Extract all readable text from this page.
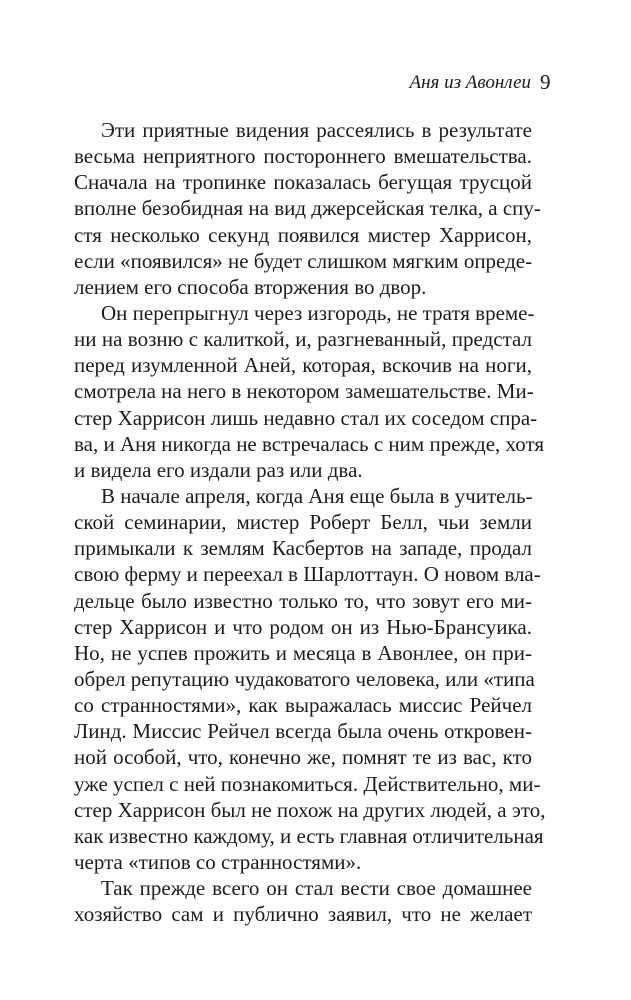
Аня из Авонлеи 9
Эти приятные видения рассеялись в результате
весьма неприятного постороннего вмешательства.
Сначала на тропинке показалась бегущая трусцой
вполне безобидная на вид джерсейская телка, а спу-
стя несколько секунд появился мистер Харрисон,
если «появился» не будет слишком мягким опреде-
лением его способа вторжения во двор.
Он перепрыгнул через изгородь, не тратя време-
ни на возню с калиткой, и, разгневанный, предстал
перед изумленной Аней, которая, вскочив на ноги,
смотрела на него в некотором замешательстве. Ми-
стер Харрисон лишь недавно стал их соседом спра-
ва, и Аня никогда не встречалась с ним прежде, хотя
и видела его издали раз или два.
В начале апреля, когда Аня еще была в учитель-
ской семинарии, мистер Роберт Белл, чьи земли
примыкали к землям Касбертов на западе, продал
свою ферму и переехал в Шарлоттаун. О новом вла-
дельце было известно только то, что зовут его ми-
стер Харрисон и что родом он из Нью-Брансуика.
Но, не успев прожить и месяца в Авонлее, он при-
обрел репутацию чудаковатого человека, или «типа
со странностями», как выражалась миссис Рейчел
Линд. Миссис Рейчел всегда была очень откровен-
ной особой, что, конечно же, помнят те из вас, кто
уже успел с ней познакомиться. Действительно, ми-
стер Харрисон был не похож на других людей, а это,
как известно каждому, и есть главная отличительная
черта «типов со странностями».
Так прежде всего он стал вести свое домашнее
хозяйство сам и публично заявил, что не желает
